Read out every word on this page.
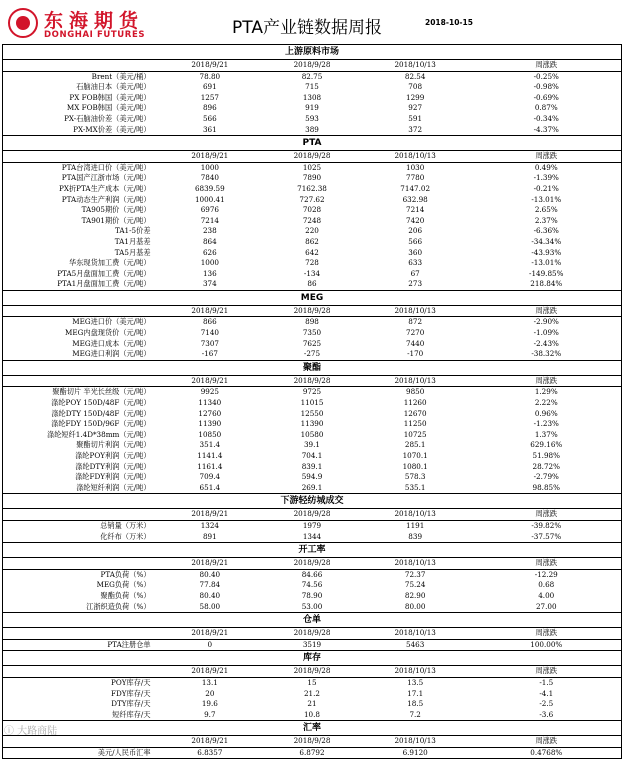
东海期货
DONGHAI FUTURES	PTA产业链数据周报	2018-10-15
上游原料市场
2018/9/21	2018/9/28	2018/10/13	周涨跌
Brent（美元/桶）	78.80	82.75	82.54	-0.25%
石脑油日本（美元/吨）	691	715	708	-0.98%
PX FOB韩国（美元/吨）	1257	1308	1299	-0.69%
MX FOB韩国（美元/吨）	896	919	927	0.87%
PX-石脑油价差（美元/吨）	566	593	591	-0.34%
PX-MX价差（美元/吨）	361	389	372	-4.37%
PTA
2018/9/21	2018/9/28	2018/10/13	周涨跌
PTA台湾进口价（美元/吨）	1000	1025	1030	0.49%
PTA国产江浙市场（元/吨）	7840	7890	7780	-1.39%
PX折PTA生产成本（元/吨）	6839.59	7162.38	7147.02	-0.21%
PTA动态生产利润（元/吨）	1000.41	727.62	632.98	-13.01%
TA905期价（元/吨）	6976	7028	7214	2.65%
TA901期价（元/吨）	7214	7248	7420	2.37%
TA1-5价差	238	220	206	-6.36%
TA1月基差	864	862	566	-34.34%
TA5月基差	626	642	360	-43.93%
华东现货加工费（元/吨）	1000	728	633	-13.01%
PTA5月盘面加工费（元/吨）	136	-134	67	-149.85%
PTA1月盘面加工费（元/吨）	374	86	273	218.84%
MEG
2018/9/21	2018/9/28	2018/10/13	周涨跌
MEG进口价（美元/吨）	866	898	872	-2.90%
MEG内盘现货价（元/吨）	7140	7350	7270	-1.09%
MEG进口成本（元/吨）	7307	7625	7440	-2.43%
MEG进口利润（元/吨）	-167	-275	-170	-38.32%
聚酯
2018/9/21	2018/9/28	2018/10/13	周涨跌
聚酯切片 半光长丝级（元/吨）	9925	9725	9850	1.29%
涤纶POY 150D/48F（元/吨）	11340	11015	11260	2.22%
涤纶DTY 150D/48F（元/吨）	12760	12550	12670	0.96%
涤纶FDY 150D/96F（元/吨）	11390	11390	11250	-1.23%
涤纶短纤1.4D*38mm（元/吨）	10850	10580	10725	1.37%
聚酯切片利润（元/吨）	351.4	39.1	285.1	629.16%
涤纶POY利润（元/吨）	1141.4	704.1	1070.1	51.98%
涤纶DTY利润（元/吨）	1161.4	839.1	1080.1	28.72%
涤纶FDY利润（元/吨）	709.4	594.9	578.3	-2.79%
涤纶短纤利润（元/吨）	651.4	269.1	535.1	98.85%
下游轻纺城成交
2018/9/21	2018/9/28	2018/10/13	周涨跌
总销量（万米）	1324	1979	1191	-39.82%
化纤布（万米）	891	1344	839	-37.57%
开工率
2018/9/21	2018/9/28	2018/10/13	周涨跌
PTA负荷（%）	80.40	84.66	72.37	-12.29
MEG负荷（%）	77.84	74.56	75.24	0.68
聚酯负荷（%）	80.40	78.90	82.90	4.00
江浙织造负荷（%）	58.00	53.00	80.00	27.00
仓单
2018/9/21	2018/9/28	2018/10/13	周涨跌
PTA注册仓单	0	3519	5463	100.00%
库存
2018/9/21	2018/9/28	2018/10/13	周涨跌
POY库存/天	13.1	15	13.5	-1.5
FDY库存/天	20	21.2	17.1	-4.1
DTY库存/天	19.6	21	18.5	-2.5
短纤库存/天	9.7	10.8	7.2	-3.6
汇率
2018/9/21	2018/9/28	2018/10/13	周涨跌
美元/人民币汇率	6.8357	6.8792	6.9120	0.4768%
ⓘ 大路商陆
